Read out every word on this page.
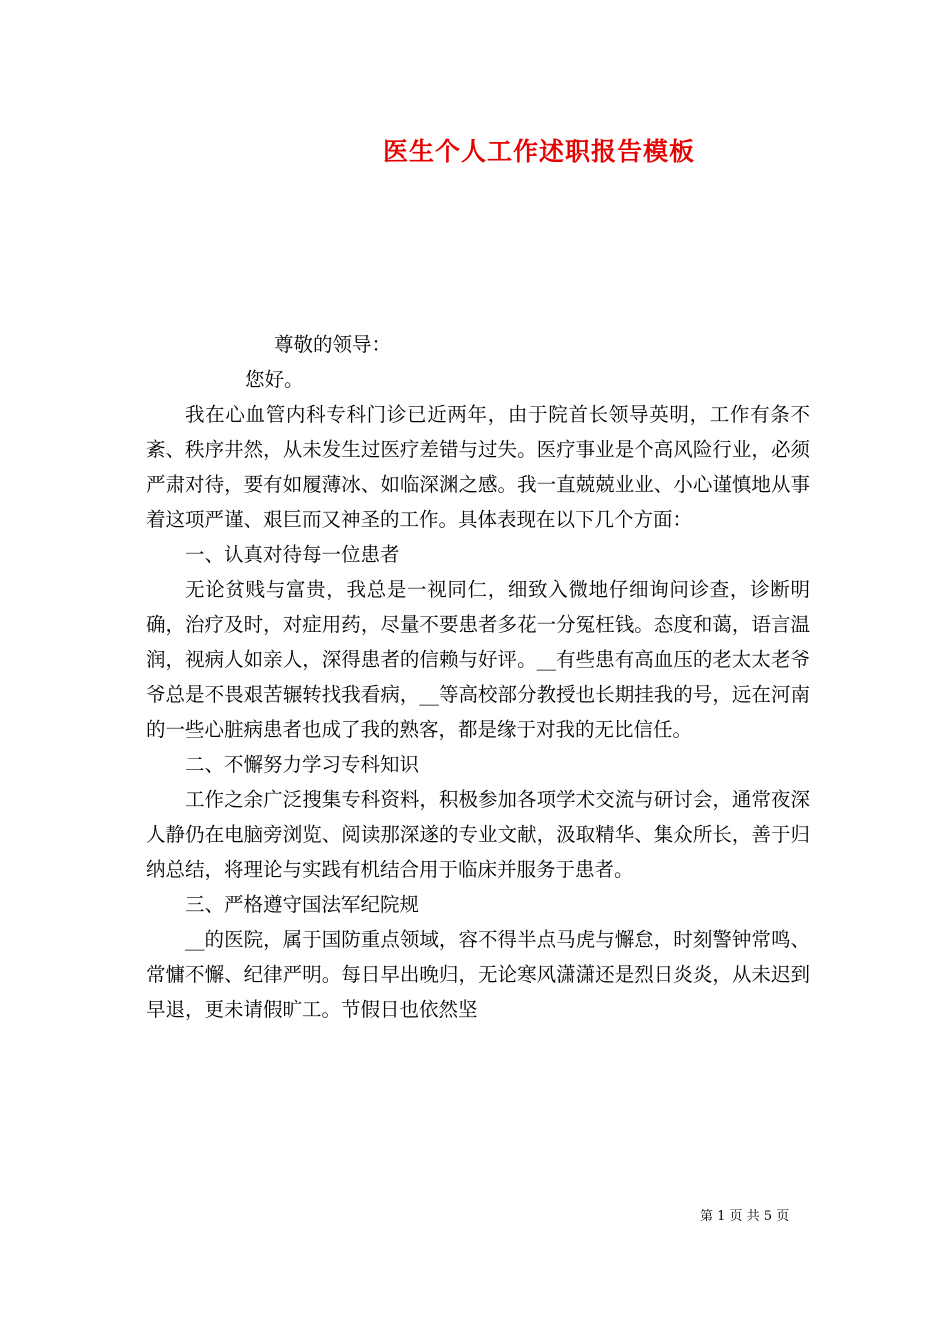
医生个人工作述职报告模板

尊敬的领导：

您好。

我在心血管内科专科门诊已近两年，由于院首长领导英明，工作有条不紊、秩序井然，从未发生过医疗差错与过失。医疗事业是个高风险行业，必须严肃对待，要有如履薄冰、如临深渊之感。我一直兢兢业业、小心谨慎地从事着这项严谨、艰巨而又神圣的工作。具体表现在以下几个方面：

一、认真对待每一位患者

无论贫贱与富贵，我总是一视同仁，细致入微地仔细询问诊查，诊断明确，治疗及时，对症用药，尽量不要患者多花一分冤枉钱。态度和蔼，语言温润，视病人如亲人，深得患者的信赖与好评。__有些患有高血压的老太太老爷爷总是不畏艰苦辗转找我看病，__等高校部分教授也长期挂我的号，远在河南的一些心脏病患者也成了我的熟客，都是缘于对我的无比信任。

二、不懈努力学习专科知识

工作之余广泛搜集专科资料，积极参加各项学术交流与研讨会，通常夜深人静仍在电脑旁浏览、阅读那深遂的专业文献，汲取精华、集众所长，善于归纳总结，将理论与实践有机结合用于临床并服务于患者。

三、严格遵守国法军纪院规

__的医院，属于国防重点领域，容不得半点马虎与懈怠，时刻警钟常鸣、常慵不懈、纪律严明。每日早出晚归，无论寒风潇潇还是烈日炎炎，从未迟到早退，更未请假旷工。节假日也依然坚

第 1 页 共 5 页
